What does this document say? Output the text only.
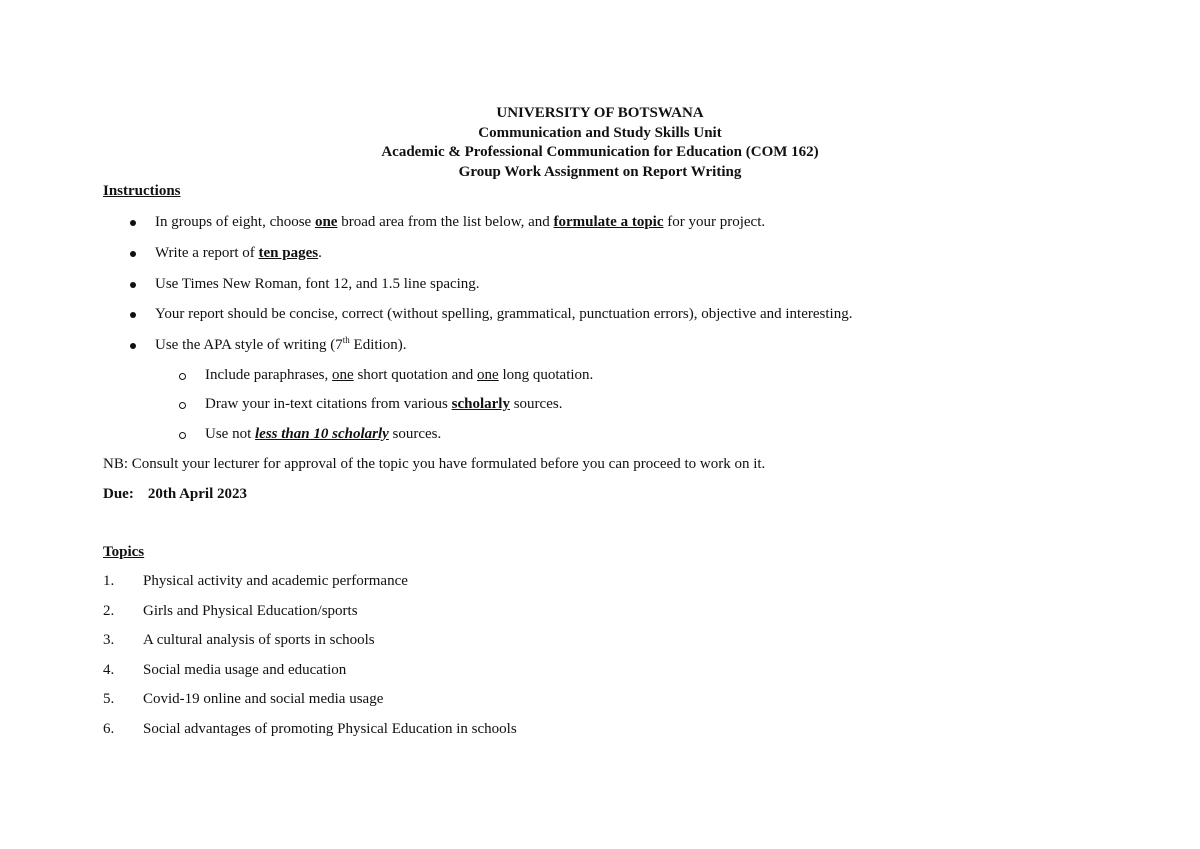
UNIVERSITY OF BOTSWANA
Communication and Study Skills Unit
Academic & Professional Communication for Education (COM 162)
Group Work Assignment on Report Writing
Instructions
In groups of eight, choose one broad area from the list below, and formulate a topic for your project.
Write a report of ten pages.
Use Times New Roman, font 12, and 1.5 line spacing.
Your report should be concise, correct (without spelling, grammatical, punctuation errors), objective and interesting.
Use the APA style of writing (7th Edition).
Include paraphrases, one short quotation and one long quotation.
Draw your in-text citations from various scholarly sources.
Use not less than 10 scholarly sources.
NB: Consult your lecturer for approval of the topic you have formulated before you can proceed to work on it.
Due: 20th April 2023
Topics
1. Physical activity and academic performance
2. Girls and Physical Education/sports
3. A cultural analysis of sports in schools
4. Social media usage and education
5. Covid-19 online and social media usage
6. Social advantages of promoting Physical Education in schools
